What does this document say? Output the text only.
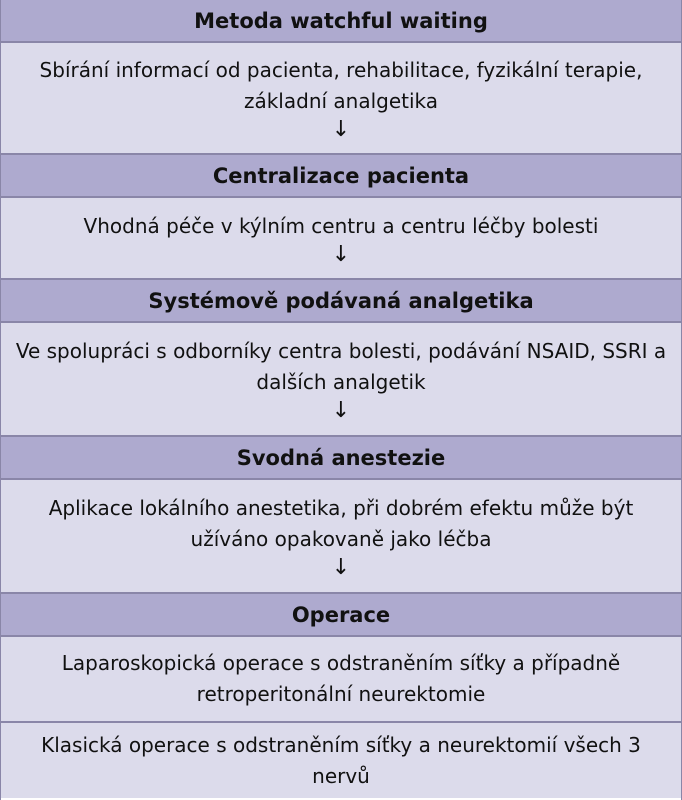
Metoda watchful waiting
Sbírání informací od pacienta, rehabilitace, fyzikální terapie, základní analgetika
↓
Centralizace pacienta
Vhodná péče v kýlním centru a centru léčby bolesti
↓
Systémově podávaná analgetika
Ve spolupráci s odborníky centra bolesti, podávání NSAID, SSRI a dalších analgetik
↓
Svodná anestezie
Aplikace lokálního anestetika, při dobrém efektu může být užíváno opakovaně jako léčba
↓
Operace
Laparoskopická operace s odstraněním síťky a případně retroperitonální neurektomie
Klasická operace s odstraněním síťky a neurektomií všech 3 nervů
